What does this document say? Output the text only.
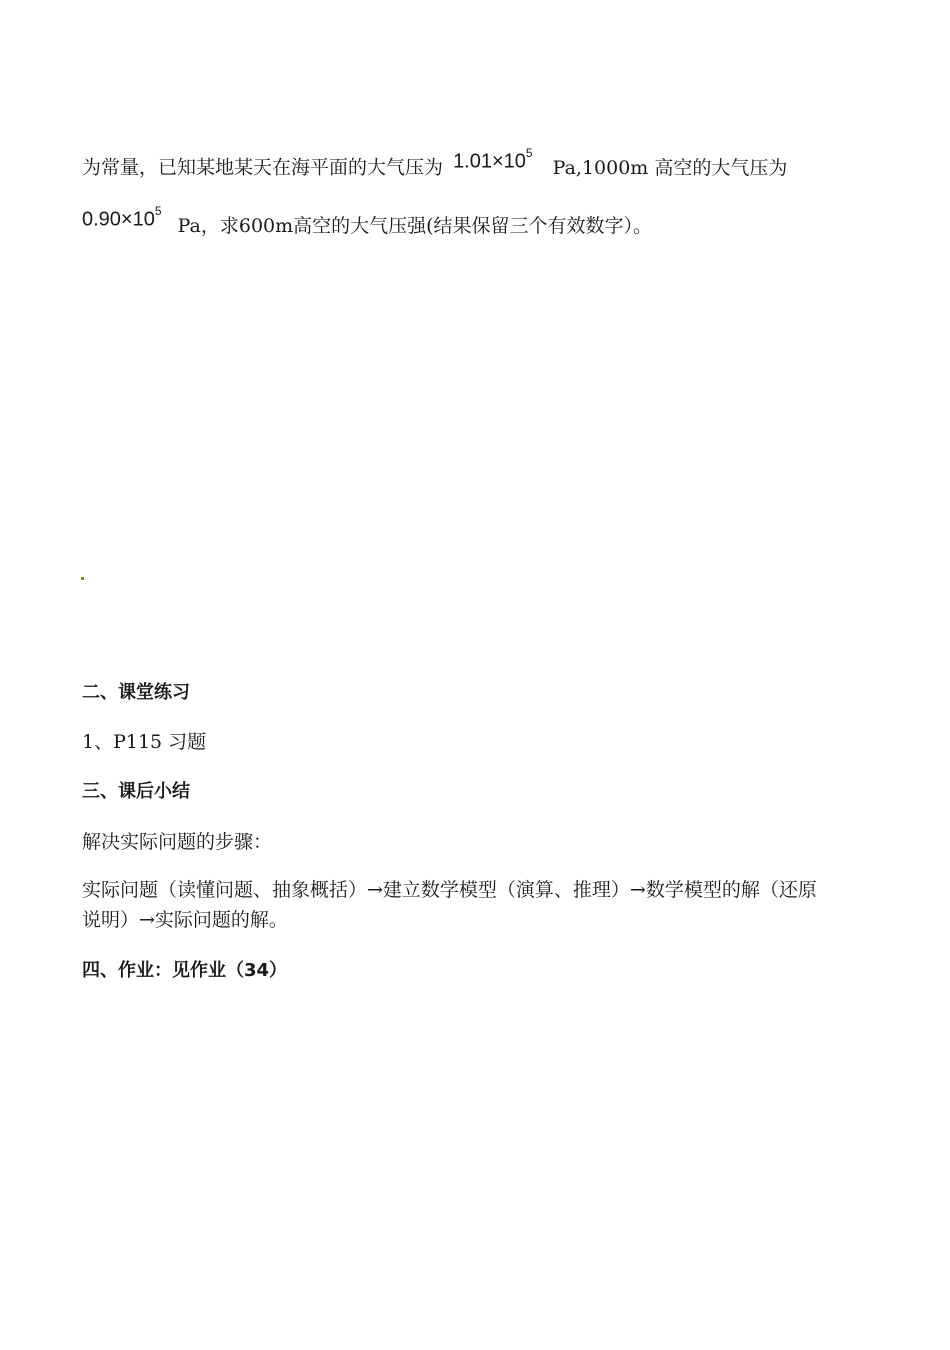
为常量，已知某地某天在海平面的大气压为 $1.01\times 10^5$ Pa,1000m 高空的大气压为
$0.90\times 10^5$ Pa，求600m高空的大气压强(结果保留三个有效数字）。
二、课堂练习
1、P115 习题
三、课后小结
解决实际问题的步骤：
实际问题（读懂问题、抽象概括）→建立数学模型（演算、推理）→数学模型的解（还原
说明）→实际问题的解。
四、作业：见作业（34）
